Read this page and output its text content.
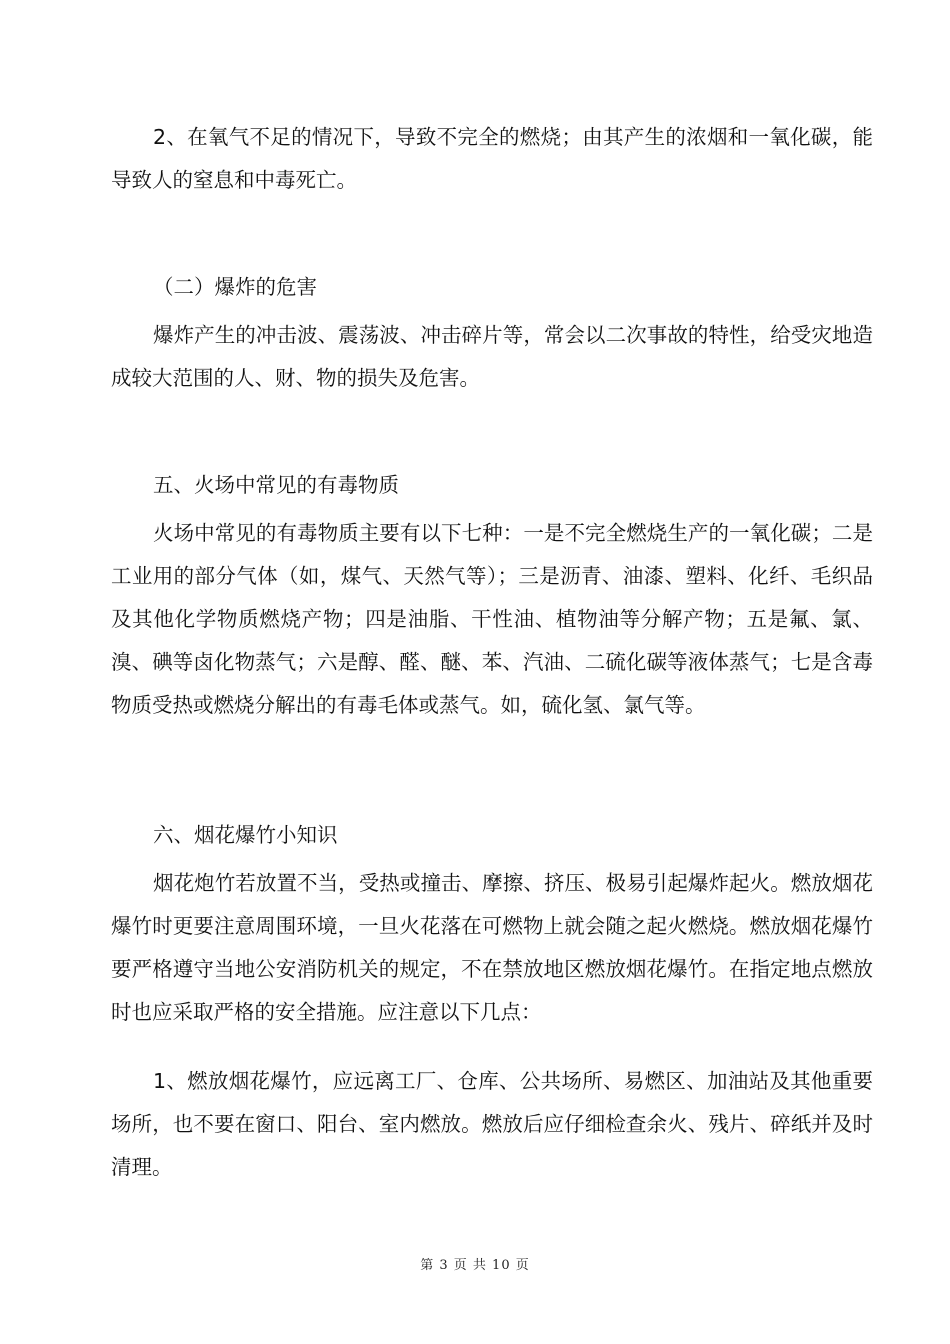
2、在氧气不足的情况下，导致不完全的燃烧；由其产生的浓烟和一氧化碳，能导致人的窒息和中毒死亡。

（二）爆炸的危害

爆炸产生的冲击波、震荡波、冲击碎片等，常会以二次事故的特性，给受灾地造成较大范围的人、财、物的损失及危害。

五、火场中常见的有毒物质

火场中常见的有毒物质主要有以下七种：一是不完全燃烧生产的一氧化碳；二是工业用的部分气体（如，煤气、天然气等）；三是沥青、油漆、塑料、化纤、毛织品及其他化学物质燃烧产物；四是油脂、干性油、植物油等分解产物；五是氟、氯、溴、碘等卤化物蒸气；六是醇、醛、醚、苯、汽油、二硫化碳等液体蒸气；七是含毒物质受热或燃烧分解出的有毒毛体或蒸气。如，硫化氢、氯气等。

六、烟花爆竹小知识

烟花炮竹若放置不当，受热或撞击、摩擦、挤压、极易引起爆炸起火。燃放烟花爆竹时更要注意周围环境，一旦火花落在可燃物上就会随之起火燃烧。燃放烟花爆竹要严格遵守当地公安消防机关的规定，不在禁放地区燃放烟花爆竹。在指定地点燃放时也应采取严格的安全措施。应注意以下几点：

1、燃放烟花爆竹，应远离工厂、仓库、公共场所、易燃区、加油站及其他重要场所，也不要在窗口、阳台、室内燃放。燃放后应仔细检查余火、残片、碎纸并及时清理。

第 3 页 共 10 页
